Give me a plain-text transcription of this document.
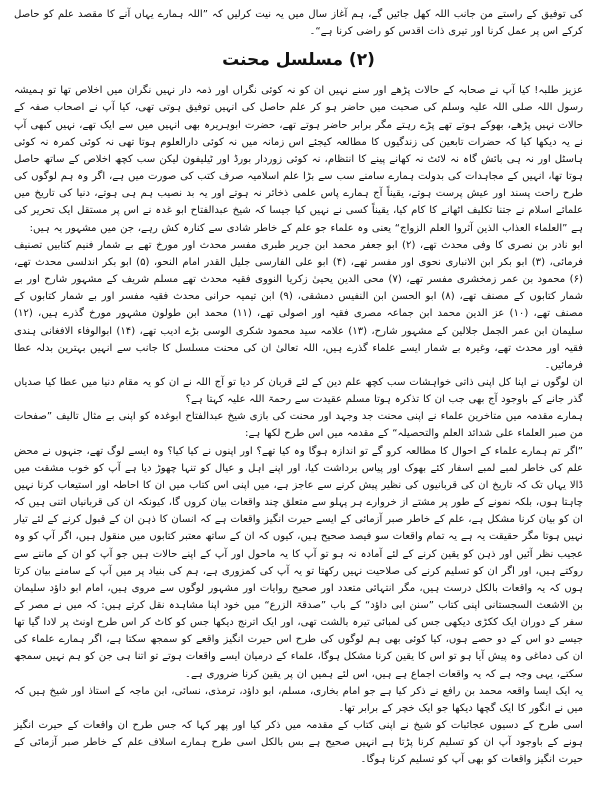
کی توفیق کے راستے من جانب اللہ کھل جائیں گے، ہم آغاز سال میں یہ نیت کرلیں کہ ”اللہ ہمارے یہاں آنے کا مقصد علم کو حاصل کرکے اس پر عمل کرنا اور تیری ذات اقدس کو راضی کرنا ہے“۔

(۲) مسلسل محنت

عزیز طلبہ! کیا آپ نے صحابہ کے حالات پڑھے اور سنے نہیں ان کو نہ کوئی نگراں اور ذمہ دار نہیں نگران میں اخلاص تھا تو ہمیشہ رسول اللہ صلی اللہ علیہ وسلم کی صحبت میں حاضر ہو کر علم حاصل کی انہیں توفیق ہوتی تھی، کیا آپ نے اصحاب صفہ کے حالات نہیں پڑھے، بھوکے ہوتے تھے پڑے رہتے مگر برابر حاضر ہوتے تھے، حضرت ابوہریرہ بھی انہیں میں سے ایک تھے، نہیں کبھی آپ نے یہ دیکھا کیا کہ حضرات تابعین کی زندگیوں کا مطالعہ کیجئے اس زمانہ میں نہ کوئی دارالعلوم ہوتا تھی نہ کوئی کمرہ نہ کوئی ہاسٹل اور نہ ہی بائش گاہ نہ لائٹ نہ کھانے پینے کا انتظام، نہ کوئی زوردار بورڈ اور ٹیلیفون لیکن سب کچھ اخلاص کے ساتھ حاصل ہوتا تھا، انہیں کے مجاہدات کی بدولت ہمارے سامنے سب سے بڑا علم اسلامیہ صرف کتب کی صورت میں ہے، اگر وہ ہم لوگوں کی طرح راحت پسند اور عیش پرست ہوتے، یقیناً آج ہمارے پاس علمی ذخائر نہ ہوتے اور یہ بد نصیب ہم ہی ہوتے، دنیا کی تاریخ میں علمائے اسلام نے جتنا تکلیف اٹھانے کا کام کیا، یقیناً کسی نے نہیں کیا جیسا کہ شیخ عبدالفتاح ابو غدہ نے اس پر مستقل ایک تحریر کی ہے ”العلماء العذاب الذین آثروا العلم الزواج“ یعنی وہ علماء جو علم کے خاطر شادی سے کنارہ کش رہے، جن میں مشہور یہ ہیں:

ابو نادر بن نصری کا وفی محدث تھے، (۲) ابو جعفر محمد ابن جریر طبری مفسر محدث اور مورخ تھے بے شمار فنیم کتابیں تصنیف فرمائی، (۳) ابو بکر ابن الانباری نحوی اور مفسر تھے، (۴) ابو علی الفارسی جلیل القدر امام النحو، (۵) ابو بکر اندلسی محدث تھے، (۶) محمود بن عمر زمخشری مفسر تھے، (۷) محی الدین یحییٰ زکریا النووی فقیہ محدث تھے مسلم شریف کے مشہور شارح اور بے شمار کتابوں کے مصنف تھے، (۸) ابو الحسن ابن النفیس دمشقی، (۹) ابن تیمیہ حرانی محدث فقیہ مفسر اور بے شمار کتابوں کے مصنف تھے، (۱۰) عز الدین محمد ابن جماعہ مصری فقیہ اور اصولی تھے، (۱۱) محمد ابن طولون مشہور مورخ گذرے ہیں، (۱۲) سلیمان ابن عمر الجمل جلالین کے مشہور شارح، (۱۳) علامہ سید محمود شکری الوسی بڑے ادیب تھے، (۱۴) ابوالوفاء الافغانی ہندی فقیہ اور محدث تھے، وغیرہ بے شمار ایسے علماء گذرے ہیں، اللہ تعالیٰ ان کی محنت مسلسل کا جانب سے انہیں بہترین بدلہ عطا فرمائیں۔

ان لوگوں نے اپنا کل اپنی ذاتی خواہشات سب کچھ علم دین کے لئے قربان کر دیا تو آج اللہ نے ان کو یہ مقام دنیا میں عطا کیا صدیاں گذر جانے کے باوجود آج بھی جب ان کا تذکرہ ہوتا مسلم عقیدت سے رحمۃ اللہ علیہ کہتا ہے؟

ہمارے مقدمہ میں متاخرین علماء نے اپنی محنت جد وجہد اور محنت کی بازی شیخ عبدالفتاح ابوغدہ کو اپنی بے مثال تالیف ”صفحات من صبر العلماء علی شدائد العلم والتحصیلہ“ کے مقدمہ میں اس طرح لکھا ہے:

”اگر تم ہمارے علماء کے احوال کا مطالعہ کرو گے تو اندازہ ہوگا وہ کیا تھے؟ اور اپنوں نے کیا کیا؟ وہ ایسے لوگ تھے، جنہوں نے محض علم کی خاطر لمبے لمبے اسفار کئے بھوک اور پیاس برداشت کیا، اور اپنے اہل و عیال کو تنہا چھوڑ دیا ہے آپ کو خوب مشقت میں ڈالا یہاں تک کہ تاریخ ان کی قربانیوں کی نظیر پیش کرنے سے عاجز ہے، میں اپنی اس کتاب میں ان کا احاطہ اور استیعاب کرنا نہیں چاہتا ہوں، بلکہ نمونے کے طور پر مشتے از خروارے ہر پہلو سے متعلق چند واقعات بیان کروں گا، کیونکہ ان کی قربانیاں اتنی ہیں کہ ان کو بیان کرنا مشکل ہے، علم کے خاطر صبر آزمائی کے ایسے حیرت انگیز واقعات ہے کہ انسان کا ذہن ان کے قبول کرنے کے لئے تیار نہیں ہوتا مگر حقیقت یہ ہے یہ تمام واقعات سو فیصد صحیح ہیں، کیوں کہ ان کے ساتھ معتبر کتابوں میں منقول ہیں، اگر آپ کو وہ عجیب نظر آئیں اور ذہن کو یقین کرنے کے لئے آمادہ نہ ہو تو آپ کا یہ ماحول اور آپ کے اپنے حالات ہیں جو آپ کو ان کے ماننے سے روکتے ہیں، اور اگر ان کو تسلیم کرنے کی صلاحیت نہیں رکھتا تو یہ آپ کی کمزوری ہے، ہم کی بنیاد پر میں آپ کے سامنے بیان کرتا ہوں کہ یہ واقعات بالکل درست ہیں، مگر انتہائی متعدد اور صحیح روایات اور مشہور لوگوں سے مروی ہیں، امام ابو داؤد سلیمان بن الاشعث السجستانی اپنی کتاب ”سنن ابی داؤد“ کے باب ”صدقۃ الزرع“ میں خود اپنا مشاہدہ نقل کرتے ہیں: کہ میں نے مصر کے سفر کے دوران ایک ککڑی دیکھی جس کی لمبائی تیرہ بالشت تھی، اور ایک اترنج دیکھا جس کو کاٹ کر اس طرح اونٹ پر لادا گیا تھا جیسے دو اس کے دو حصے ہوں، کیا کوئی بھی ہم لوگوں کی طرح اس حیرت انگیز واقعے کو سمجھ سکتا ہے، اگر ہمارے علماء کی ان کی دماغی وہ پیش آیا ہو تو اس کا یقین کرنا مشکل ہوگا، علماء کے درمیان ایسے واقعات ہوتے تو اتنا ہی جن کو ہم نہیں سمجھ سکتے، یہی وجہ ہے کہ یہ واقعات اجماع ہے ہیں، اس لئے ہمیں ان پر یقین کرنا ضروری ہے۔

یہ ایک ایسا واقعہ محمد بن رافع نے ذکر کیا ہے جو امام بخاری، مسلم، ابو داؤد، ترمذی، نسائی، ابن ماجہ کے استاذ اور شیخ ہیں کہ میں نے انگور کا ایک گچھا دیکھا جو ایک خچر کے برابر تھا۔

اسی طرح کے دسیوں عجائبات کو شیخ نے اپنی کتاب کے مقدمہ میں ذکر کیا اور پھر کہا کہ جس طرح ان واقعات کے حیرت انگیز ہونے کے باوجود آپ ان کو تسلیم کرنا پڑتا ہے انہیں صحیح ہے بس بالکل اسی طرح ہمارے اسلاف علم کے خاطر صبر آزمائی کے حیرت انگیز واقعات کو بھی آپ کو تسلیم کرنا ہوگا۔
